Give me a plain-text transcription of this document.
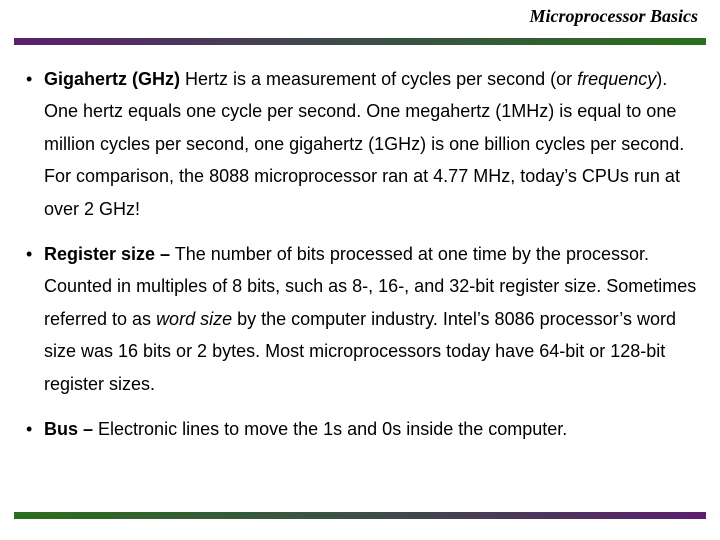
Microprocessor Basics
• Gigahertz (GHz) Hertz is a measurement of cycles per second (or frequency). One hertz equals one cycle per second. One megahertz (1MHz) is equal to one million cycles per second, one gigahertz (1GHz) is one billion cycles per second. For comparison, the 8088 microprocessor ran at 4.77 MHz, today’s CPUs run at over 2 GHz!
• Register size – The number of bits processed at one time by the processor. Counted in multiples of 8 bits, such as 8-, 16-, and 32-bit register size. Sometimes referred to as word size by the computer industry. Intel’s 8086 processor’s word size was 16 bits or 2 bytes. Most microprocessors today have 64-bit or 128-bit register sizes.
• Bus – Electronic lines to move the 1s and 0s inside the computer.
